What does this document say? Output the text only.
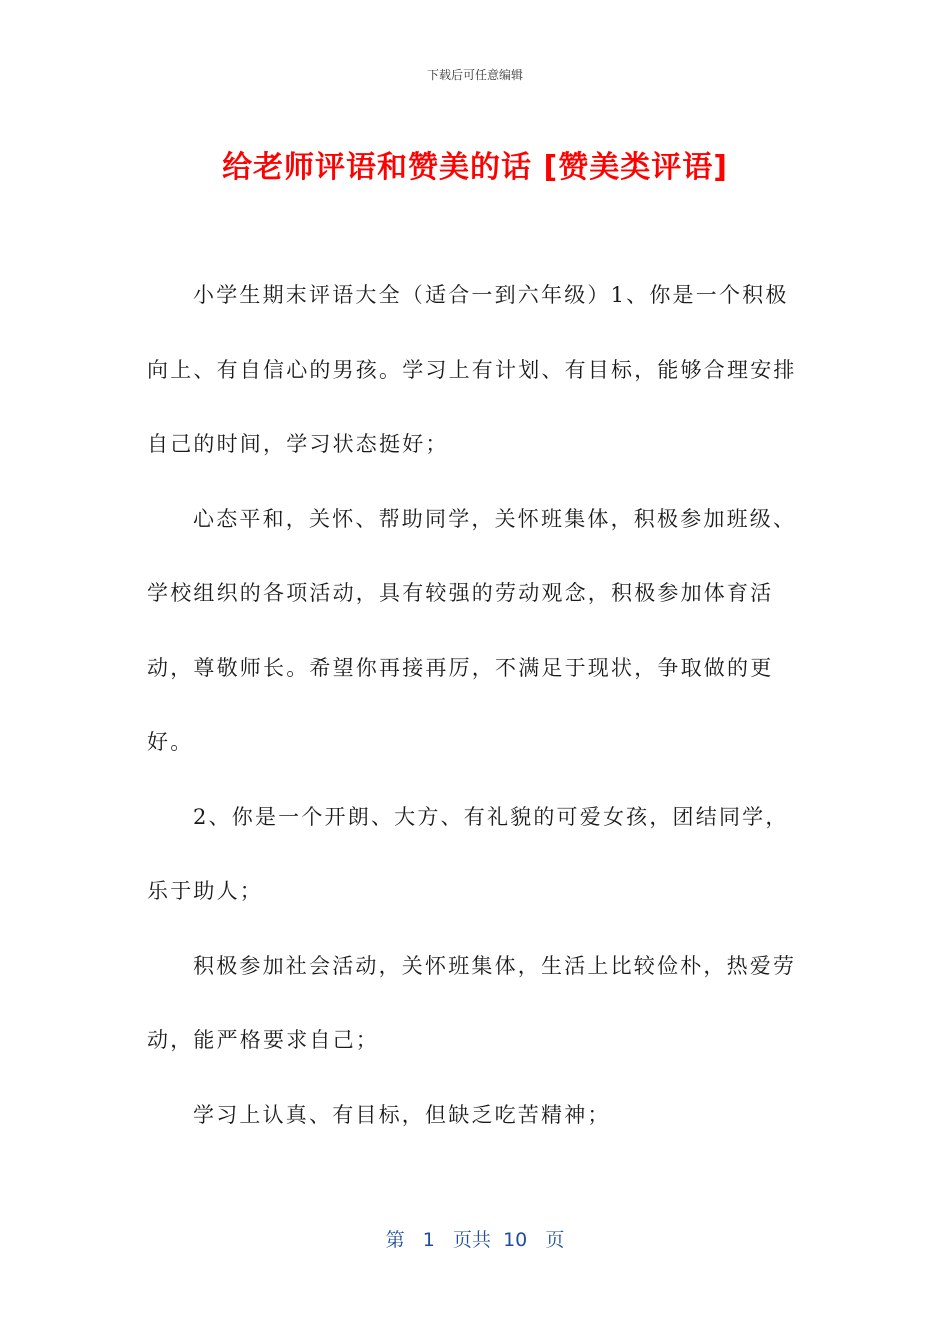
下载后可任意编辑
给老师评语和赞美的话 [赞美类评语]

小学生期末评语大全（适合一到六年级）1、你是一个积极向上、有自信心的男孩。学习上有计划、有目标，能够合理安排自己的时间，学习状态挺好；

心态平和，关怀、帮助同学，关怀班集体，积极参加班级、学校组织的各项活动，具有较强的劳动观念，积极参加体育活动，尊敬师长。希望你再接再厉，不满足于现状，争取做的更好。

2、你是一个开朗、大方、有礼貌的可爱女孩，团结同学，乐于助人；

积极参加社会活动，关怀班集体，生活上比较俭朴，热爱劳动，能严格要求自己；

学习上认真、有目标，但缺乏吃苦精神；

第 1 页共 10 页
